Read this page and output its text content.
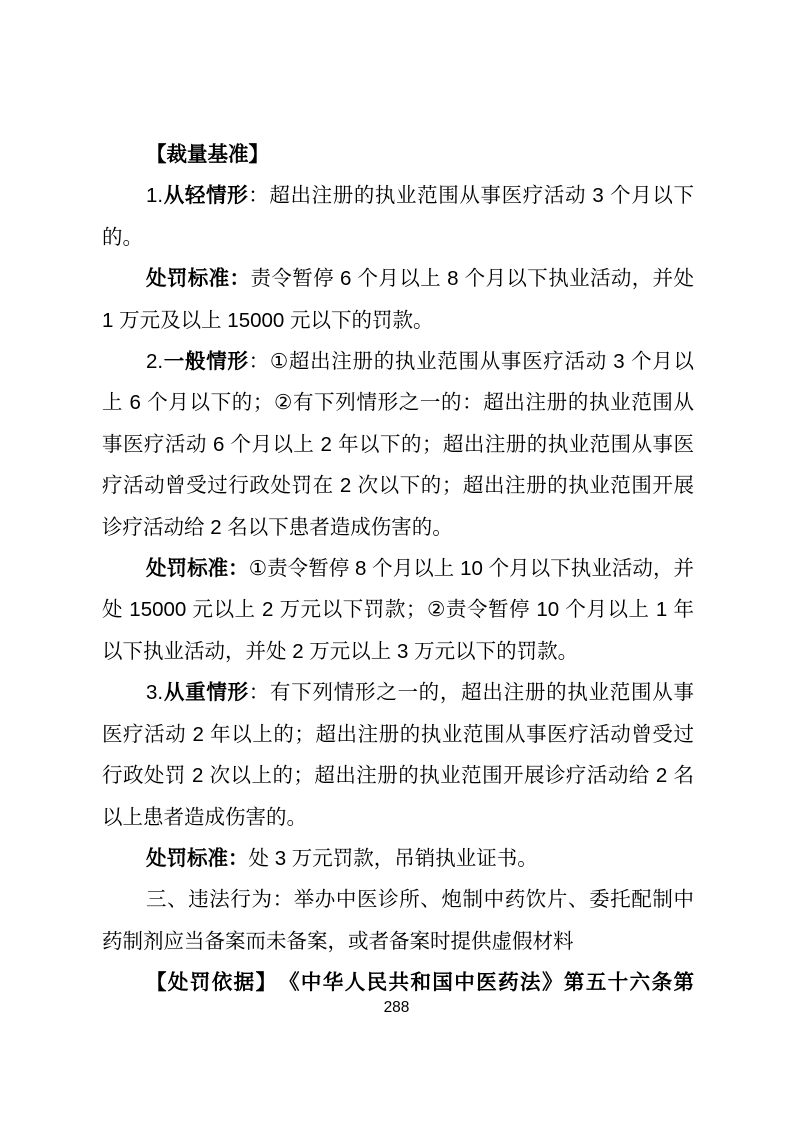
【裁量基准】

1.从轻情形：超出注册的执业范围从事医疗活动 3 个月以下的。

处罚标准：责令暂停 6 个月以上 8 个月以下执业活动，并处 1 万元及以上 15000 元以下的罚款。

2.一般情形：①超出注册的执业范围从事医疗活动 3 个月以上 6 个月以下的；②有下列情形之一的：超出注册的执业范围从事医疗活动 6 个月以上 2 年以下的；超出注册的执业范围从事医疗活动曾受过行政处罚在 2 次以下的；超出注册的执业范围开展诊疗活动给 2 名以下患者造成伤害的。

处罚标准：①责令暂停 8 个月以上 10 个月以下执业活动，并处 15000 元以上 2 万元以下罚款；②责令暂停 10 个月以上 1 年以下执业活动，并处 2 万元以上 3 万元以下的罚款。

3.从重情形：有下列情形之一的，超出注册的执业范围从事医疗活动 2 年以上的；超出注册的执业范围从事医疗活动曾受过行政处罚 2 次以上的；超出注册的执业范围开展诊疗活动给 2 名以上患者造成伤害的。

处罚标准：处 3 万元罚款，吊销执业证书。

三、违法行为：举办中医诊所、炮制中药饮片、委托配制中药制剂应当备案而未备案，或者备案时提供虚假材料

【处罚依据】　《中华人民共和国中医药法》第五十六条第

288
